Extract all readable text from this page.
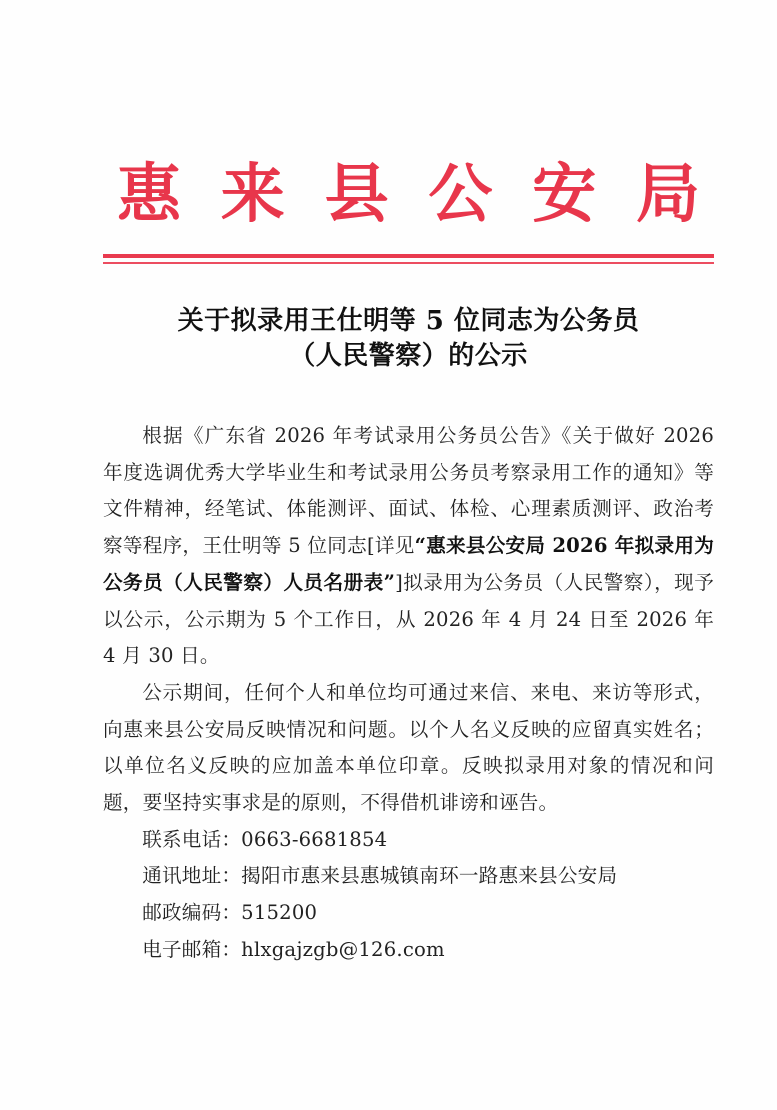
惠 来 县 公 安 局
关于拟录用王仕明等 5 位同志为公务员
（人民警察）的公示

根据《广东省 2026 年考试录用公务员公告》《关于做好 2026 年度选调优秀大学毕业生和考试录用公务员考察录用工作的通知》等文件精神，经笔试、体能测评、面试、体检、心理素质测评、政治考察等程序，王仕明等 5 位同志[详见“惠来县公安局 2026 年拟录用为公务员（人民警察）人员名册表”]拟录用为公务员（人民警察），现予以公示，公示期为 5 个工作日，从 2026 年 4 月 24 日至 2026 年 4 月 30 日。

公示期间，任何个人和单位均可通过来信、来电、来访等形式，向惠来县公安局反映情况和问题。以个人名义反映的应留真实姓名；以单位名义反映的应加盖本单位印章。反映拟录用对象的情况和问题，要坚持实事求是的原则，不得借机诽谤和诬告。

联系电话：0663-6681854
通讯地址：揭阳市惠来县惠城镇南环一路惠来县公安局
邮政编码：515200
电子邮箱：hlxgajzgb@126.com
